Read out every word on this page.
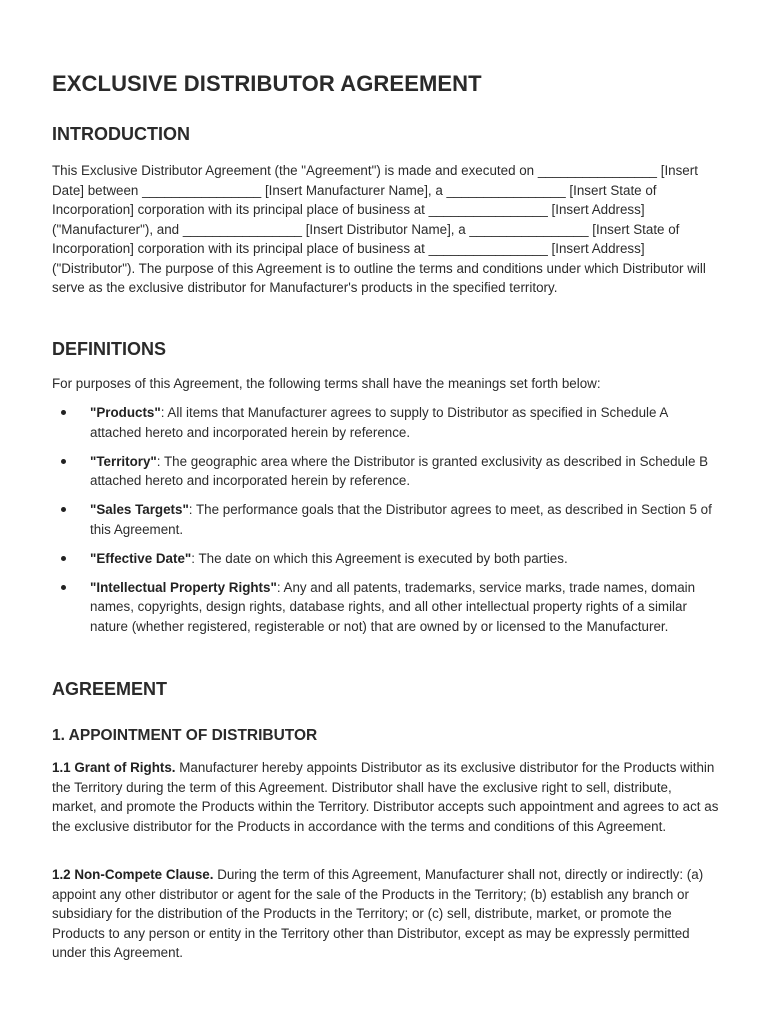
EXCLUSIVE DISTRIBUTOR AGREEMENT
INTRODUCTION

This Exclusive Distributor Agreement (the "Agreement") is made and executed on ________________ [Insert Date] between ________________ [Insert Manufacturer Name], a ________________ [Insert State of Incorporation] corporation with its principal place of business at ________________ [Insert Address] ("Manufacturer"), and ________________ [Insert Distributor Name], a ________________ [Insert State of Incorporation] corporation with its principal place of business at ________________ [Insert Address] ("Distributor"). The purpose of this Agreement is to outline the terms and conditions under which Distributor will serve as the exclusive distributor for Manufacturer's products in the specified territory.

DEFINITIONS

For purposes of this Agreement, the following terms shall have the meanings set forth below:

"Products": All items that Manufacturer agrees to supply to Distributor as specified in Schedule A attached hereto and incorporated herein by reference.
"Territory": The geographic area where the Distributor is granted exclusivity as described in Schedule B attached hereto and incorporated herein by reference.
"Sales Targets": The performance goals that the Distributor agrees to meet, as described in Section 5 of this Agreement.
"Effective Date": The date on which this Agreement is executed by both parties.
"Intellectual Property Rights": Any and all patents, trademarks, service marks, trade names, domain names, copyrights, design rights, database rights, and all other intellectual property rights of a similar nature (whether registered, registerable or not) that are owned by or licensed to the Manufacturer.
AGREEMENT
1. APPOINTMENT OF DISTRIBUTOR

1.1 Grant of Rights. Manufacturer hereby appoints Distributor as its exclusive distributor for the Products within the Territory during the term of this Agreement. Distributor shall have the exclusive right to sell, distribute, market, and promote the Products within the Territory. Distributor accepts such appointment and agrees to act as the exclusive distributor for the Products in accordance with the terms and conditions of this Agreement.

1.2 Non-Compete Clause. During the term of this Agreement, Manufacturer shall not, directly or indirectly: (a) appoint any other distributor or agent for the sale of the Products in the Territory; (b) establish any branch or subsidiary for the distribution of the Products in the Territory; or (c) sell, distribute, market, or promote the Products to any person or entity in the Territory other than Distributor, except as may be expressly permitted under this Agreement.
